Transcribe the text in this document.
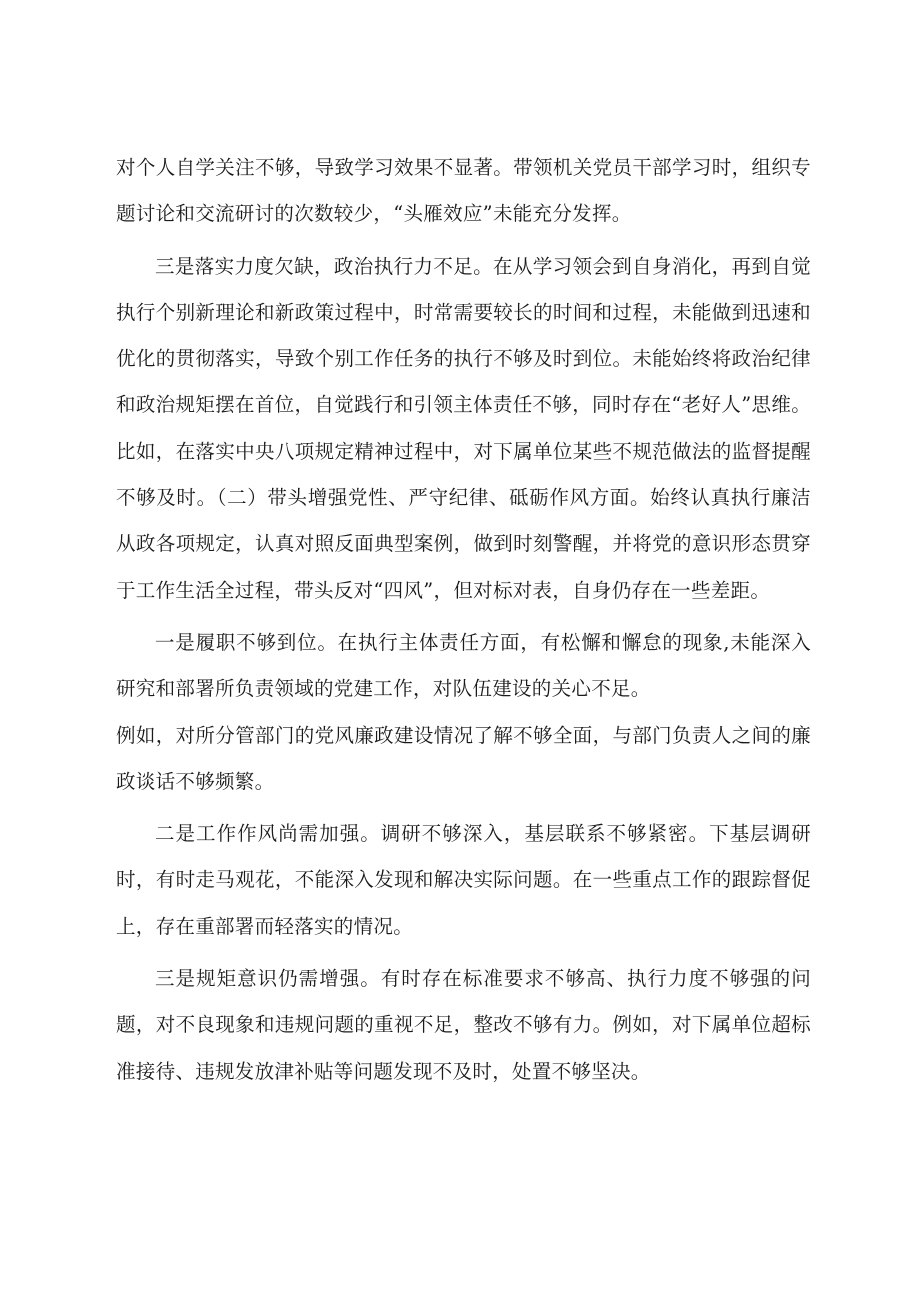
对个人自学关注不够，导致学习效果不显著。带领机关党员干部学习时，组织专题讨论和交流研讨的次数较少，“头雁效应”未能充分发挥。

三是落实力度欠缺，政治执行力不足。在从学习领会到自身消化，再到自觉执行个别新理论和新政策过程中，时常需要较长的时间和过程，未能做到迅速和优化的贯彻落实，导致个别工作任务的执行不够及时到位。未能始终将政治纪律和政治规矩摆在首位，自觉践行和引领主体责任不够，同时存在“老好人”思维。比如，在落实中央八项规定精神过程中，对下属单位某些不规范做法的监督提醒不够及时。（二）带头增强党性、严守纪律、砥砺作风方面。始终认真执行廉洁从政各项规定，认真对照反面典型案例，做到时刻警醒，并将党的意识形态贯穿于工作生活全过程，带头反对“四风”，但对标对表，自身仍存在一些差距。

一是履职不够到位。在执行主体责任方面，有松懈和懈怠的现象,未能深入研究和部署所负责领域的党建工作，对队伍建设的关心不足。

例如，对所分管部门的党风廉政建设情况了解不够全面，与部门负责人之间的廉政谈话不够频繁。

二是工作作风尚需加强。调研不够深入，基层联系不够紧密。下基层调研时，有时走马观花，不能深入发现和解决实际问题。在一些重点工作的跟踪督促上，存在重部署而轻落实的情况。

三是规矩意识仍需增强。有时存在标准要求不够高、执行力度不够强的问题，对不良现象和违规问题的重视不足，整改不够有力。例如，对下属单位超标准接待、违规发放津补贴等问题发现不及时，处置不够坚决。
